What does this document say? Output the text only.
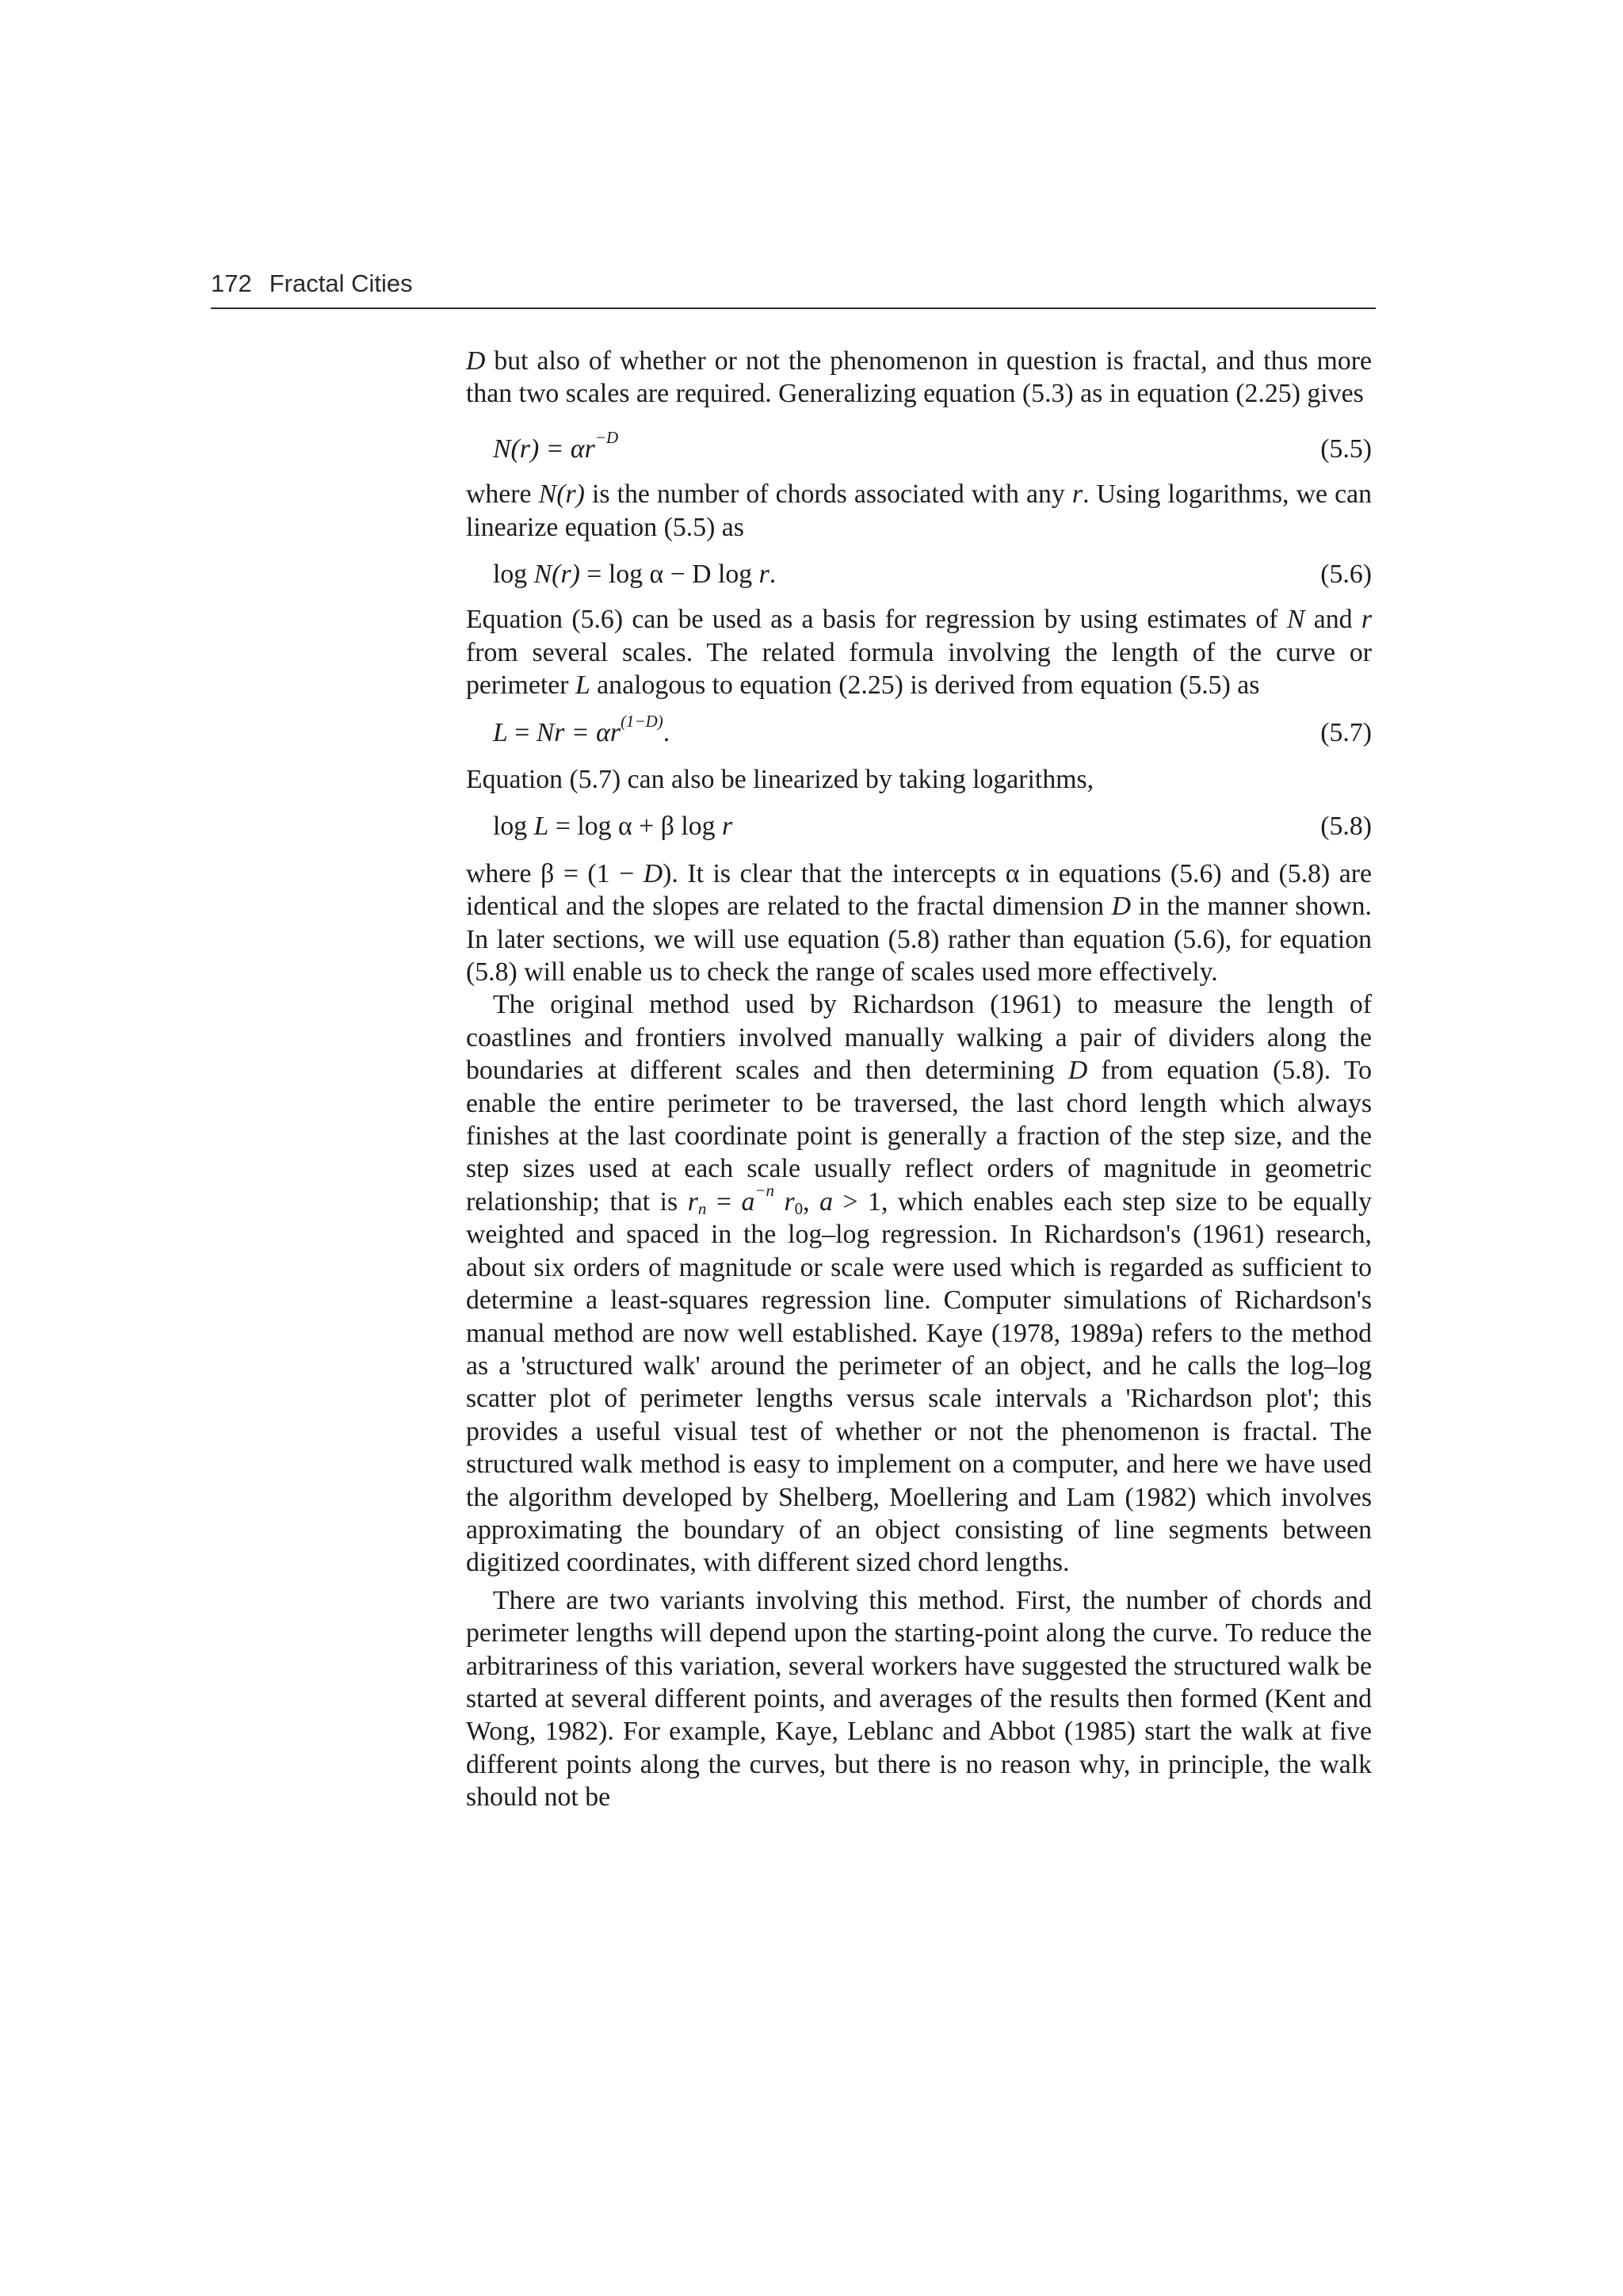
172 Fractal Cities

D but also of whether or not the phenomenon in question is fractal, and thus more than two scales are required. Generalizing equation (5.3) as in equation (2.25) gives

$N(r) = \alpha r^{-D}$	(5.5)

where N(r) is the number of chords associated with any r. Using logarithms, we can linearize equation (5.5) as

log N(r) = log α − D log r.	(5.6)

Equation (5.6) can be used as a basis for regression by using estimates of N and r from several scales. The related formula involving the length of the curve or perimeter L analogous to equation (2.25) is derived from equation (5.5) as

$L = Nr = \alpha r^{(1-D)}$.	(5.7)

Equation (5.7) can also be linearized by taking logarithms,

log L = log α + β log r	(5.8)

where β = (1 − D). It is clear that the intercepts α in equations (5.6) and (5.8) are identical and the slopes are related to the fractal dimension D in the manner shown. In later sections, we will use equation (5.8) rather than equation (5.6), for equation (5.8) will enable us to check the range of scales used more effectively.

The original method used by Richardson (1961) to measure the length of coastlines and frontiers involved manually walking a pair of dividers along the boundaries at different scales and then determining D from equation (5.8). To enable the entire perimeter to be traversed, the last chord length which always finishes at the last coordinate point is generally a fraction of the step size, and the step sizes used at each scale usually reflect orders of magnitude in geometric relationship; that is $r_n = a^{-n}$ $r_0$, a > 1, which enables each step size to be equally weighted and spaced in the log–log regression. In Richardson's (1961) research, about six orders of magnitude or scale were used which is regarded as sufficient to determine a least-squares regression line. Computer simulations of Richardson's manual method are now well established. Kaye (1978, 1989a) refers to the method as a 'structured walk' around the perimeter of an object, and he calls the log–log scatter plot of perimeter lengths versus scale intervals a 'Richardson plot'; this provides a useful visual test of whether or not the phenomenon is fractal. The structured walk method is easy to implement on a computer, and here we have used the algorithm developed by Shelberg, Moellering and Lam (1982) which involves approximating the boundary of an object consisting of line segments between digitized coordinates, with different sized chord lengths.

There are two variants involving this method. First, the number of chords and perimeter lengths will depend upon the starting-point along the curve. To reduce the arbitrariness of this variation, several workers have suggested the structured walk be started at several different points, and averages of the results then formed (Kent and Wong, 1982). For example, Kaye, Leblanc and Abbot (1985) start the walk at five different points along the curves, but there is no reason why, in principle, the walk should not be
